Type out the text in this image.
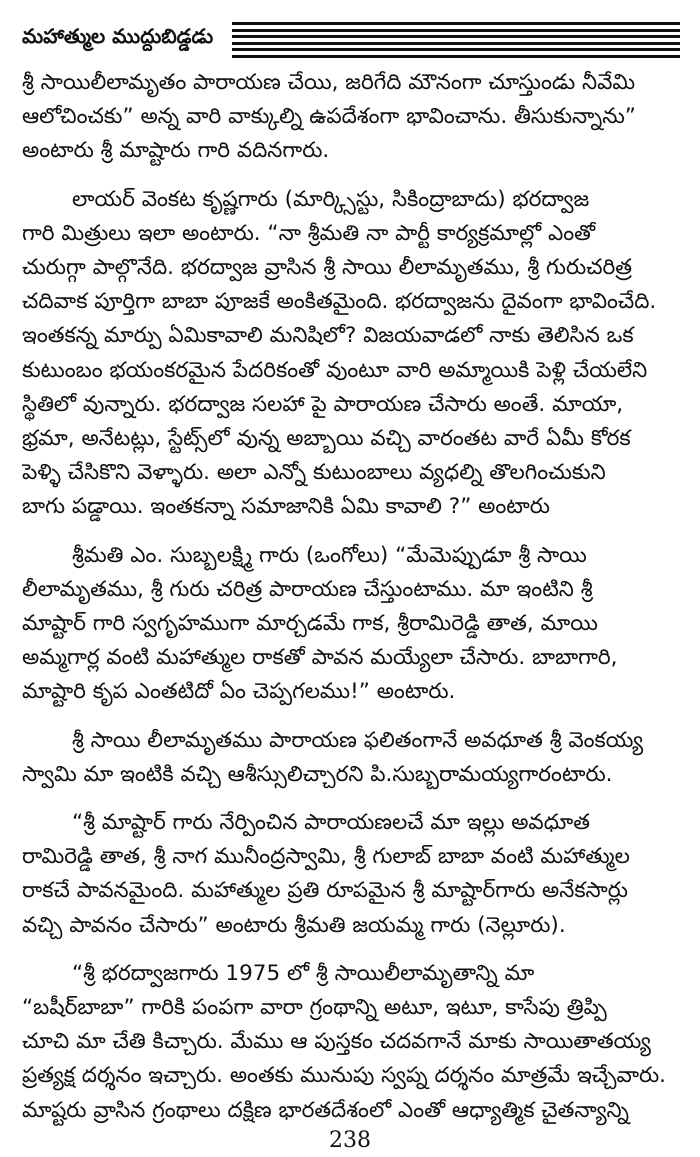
మహాత్ముల ముద్దుబిడ్డడు

శ్రీ సాయిలీలామృతం పారాయణ చేయి, జరిగేది మౌనంగా చూస్తుండు నీవేమి
ఆలోచించకు” అన్న వారి వాక్కుల్ని ఉపదేశంగా భావించాను. తీసుకున్నాను”
అంటారు శ్రీ మాష్టారు గారి వదినగారు.

లాయర్ వెంకట కృష్ణగారు (మార్క్సిస్టు, సికింద్రాబాదు) భరద్వాజ
గారి మిత్రులు ఇలా అంటారు. “నా శ్రీమతి నా పార్టీ కార్యక్రమాల్లో ఎంతో
చురుగ్గా పాల్గొనేది. భరద్వాజ వ్రాసిన శ్రీ సాయి లీలామృతము, శ్రీ గురుచరిత్ర
చదివాక పూర్తిగా బాబా పూజకే అంకితమైంది. భరద్వాజను దైవంగా భావించేది.
ఇంతకన్న మార్పు ఏమికావాలి మనిషిలో? విజయవాడలో నాకు తెలిసిన ఒక
కుటుంబం భయంకరమైన పేదరికంతో వుంటూ వారి అమ్మాయికి పెళ్లి చేయలేని
స్థితిలో వున్నారు. భరద్వాజ సలహా పై పారాయణ చేసారు అంతే. మాయా,
భ్రమా, అనేటట్లు, స్టేట్స్‌లో వున్న అబ్బాయి వచ్చి వారంతట వారే ఏమీ కోరక
పెళ్ళి చేసికొని వెళ్ళారు. అలా ఎన్నో కుటుంబాలు వ్యధల్ని తొలగించుకుని
బాగు పడ్డాయి. ఇంతకన్నా సమాజానికి ఏమి కావాలి ?” అంటారు

శ్రీమతి ఎం. సుబ్బలక్ష్మి గారు (ఒంగోలు) “మేమెప్పుడూ శ్రీ సాయి
లీలామృతము, శ్రీ గురు చరిత్ర పారాయణ చేస్తుంటాము. మా ఇంటిని శ్రీ
మాష్టార్ గారి స్వగృహముగా మార్చడమే గాక, శ్రీరామిరెడ్డి తాత, మాయి
అమ్మగార్ల వంటి మహాత్ముల రాకతో పావన మయ్యేలా చేసారు. బాబాగారి,
మాష్టారి కృప ఎంతటిదో ఏం చెప్పగలము!” అంటారు.

శ్రీ సాయి లీలామృతము పారాయణ ఫలితంగానే అవధూత శ్రీ వెంకయ్య
స్వామి మా ఇంటికి వచ్చి ఆశీస్సులిచ్చారని పి.సుబ్బరామయ్యగారంటారు.

“శ్రీ మాష్టార్ గారు నేర్పించిన పారాయణలచే మా ఇల్లు అవధూత
రామిరెడ్డి తాత, శ్రీ నాగ మునీంద్రస్వామి, శ్రీ గులాబ్ బాబా వంటి మహాత్ముల
రాకచే పావనమైంది. మహాత్ముల ప్రతి రూపమైన శ్రీ మాష్టార్‌గారు అనేకసార్లు
వచ్చి పావనం చేసారు” అంటారు శ్రీమతి జయమ్మ గారు (నెల్లూరు).

“శ్రీ భరద్వాజగారు 1975 లో శ్రీ సాయిలీలామృతాన్ని మా
“బషీర్‌బాబా” గారికి పంపగా వారా గ్రంథాన్ని అటూ, ఇటూ, కాసేపు త్రిప్పి
చూచి మా చేతి కిచ్చారు. మేము ఆ పుస్తకం చదవగానే మాకు సాయితాతయ్య
ప్రత్యక్ష దర్శనం ఇచ్చారు. అంతకు మునుపు స్వప్న దర్శనం మాత్రమే ఇచ్చేవారు.
మాష్టరు వ్రాసిన గ్రంథాలు దక్షిణ భారతదేశంలో ఎంతో ఆధ్యాత్మిక చైతన్యాన్ని

238
